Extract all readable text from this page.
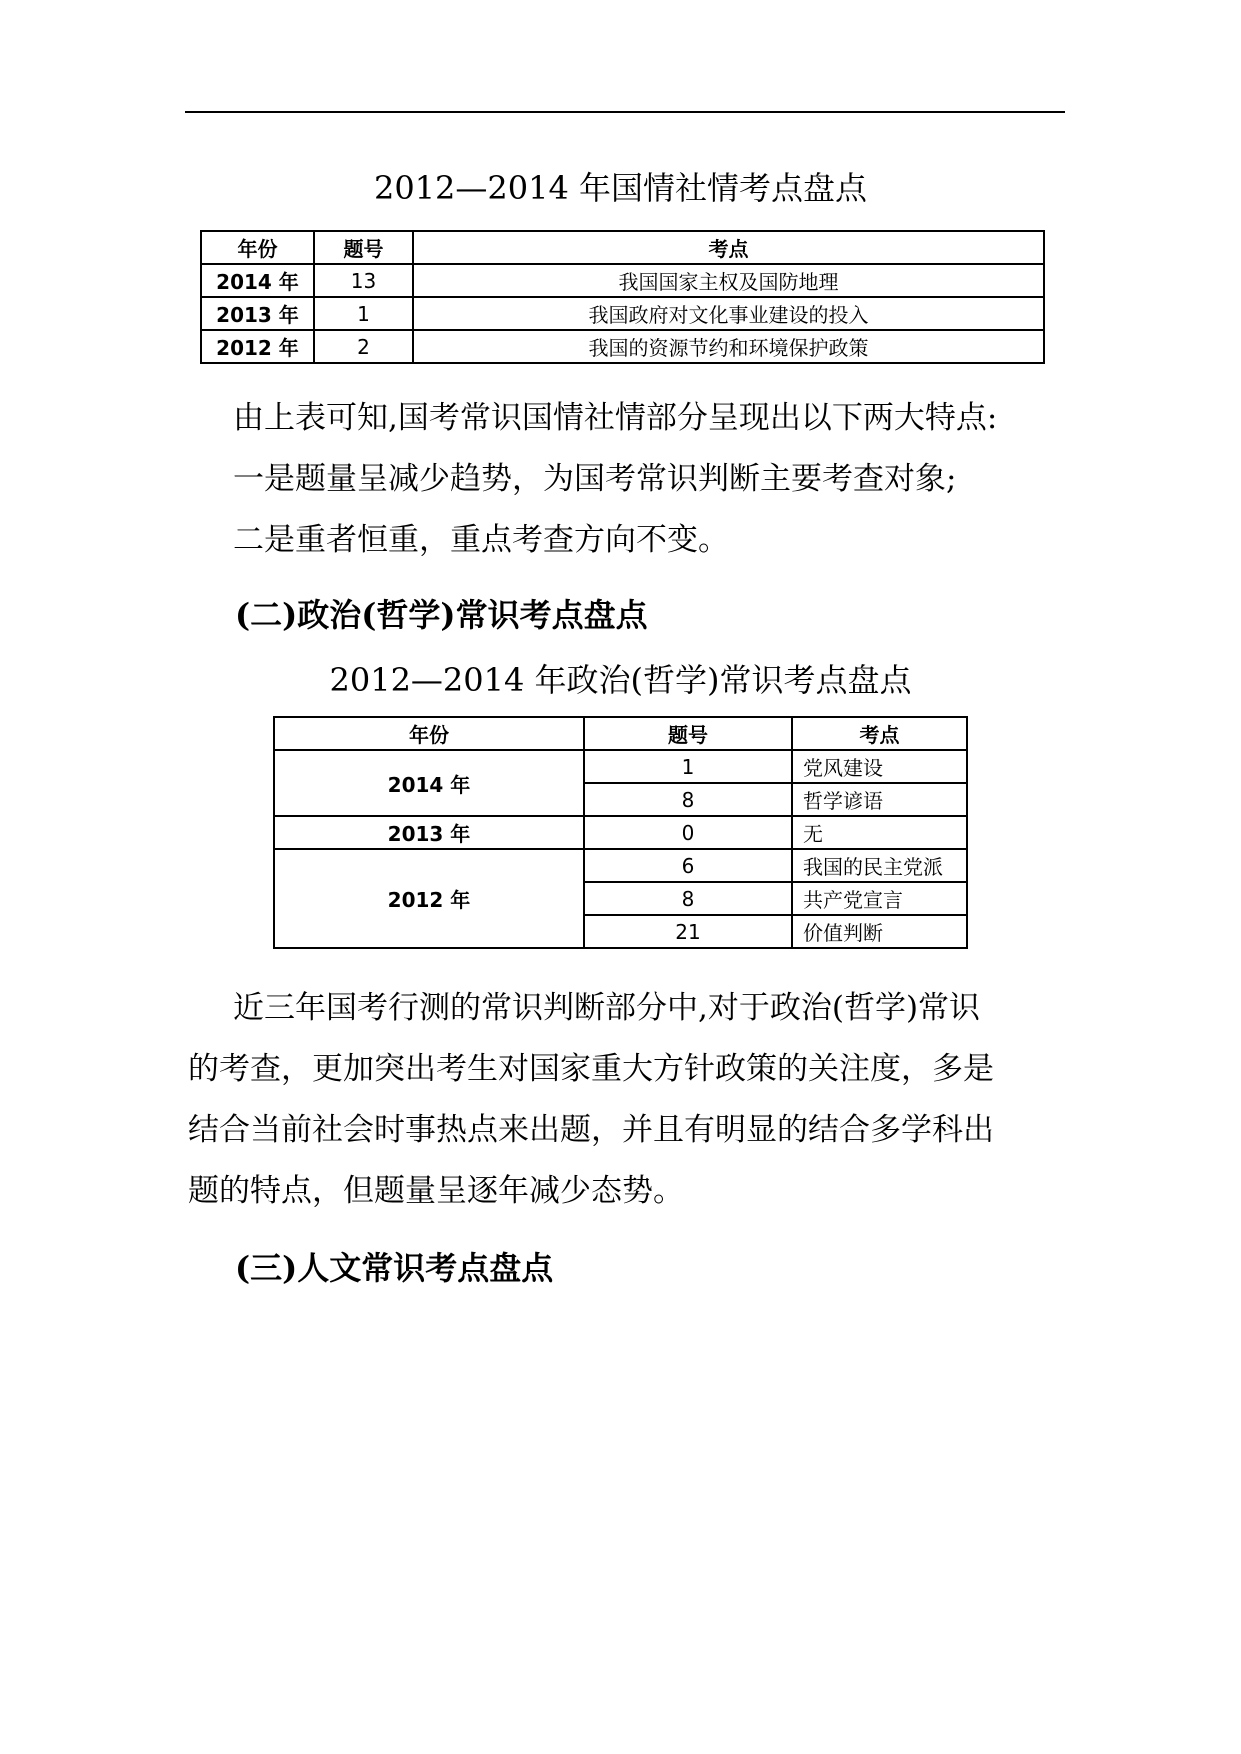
2012—2014 年国情社情考点盘点
年份	题号	考点
2014 年	13	我国国家主权及国防地理
2013 年	1	我国政府对文化事业建设的投入
2012 年	2	我国的资源节约和环境保护政策
由上表可知,国考常识国情社情部分呈现出以下两大特点:
一是题量呈减少趋势，为国考常识判断主要考查对象;
二是重者恒重，重点考查方向不变。
(二)政治(哲学)常识考点盘点
2012—2014 年政治(哲学)常识考点盘点
年份	题号	考点
2014 年	1	党风建设
	8	哲学谚语
2013 年	0	无
2012 年	6	我国的民主党派
	8	共产党宣言
	21	价值判断
近三年国考行测的常识判断部分中,对于政治(哲学)常识
的考查，更加突出考生对国家重大方针政策的关注度，多是
结合当前社会时事热点来出题，并且有明显的结合多学科出
题的特点，但题量呈逐年减少态势。
(三)人文常识考点盘点
